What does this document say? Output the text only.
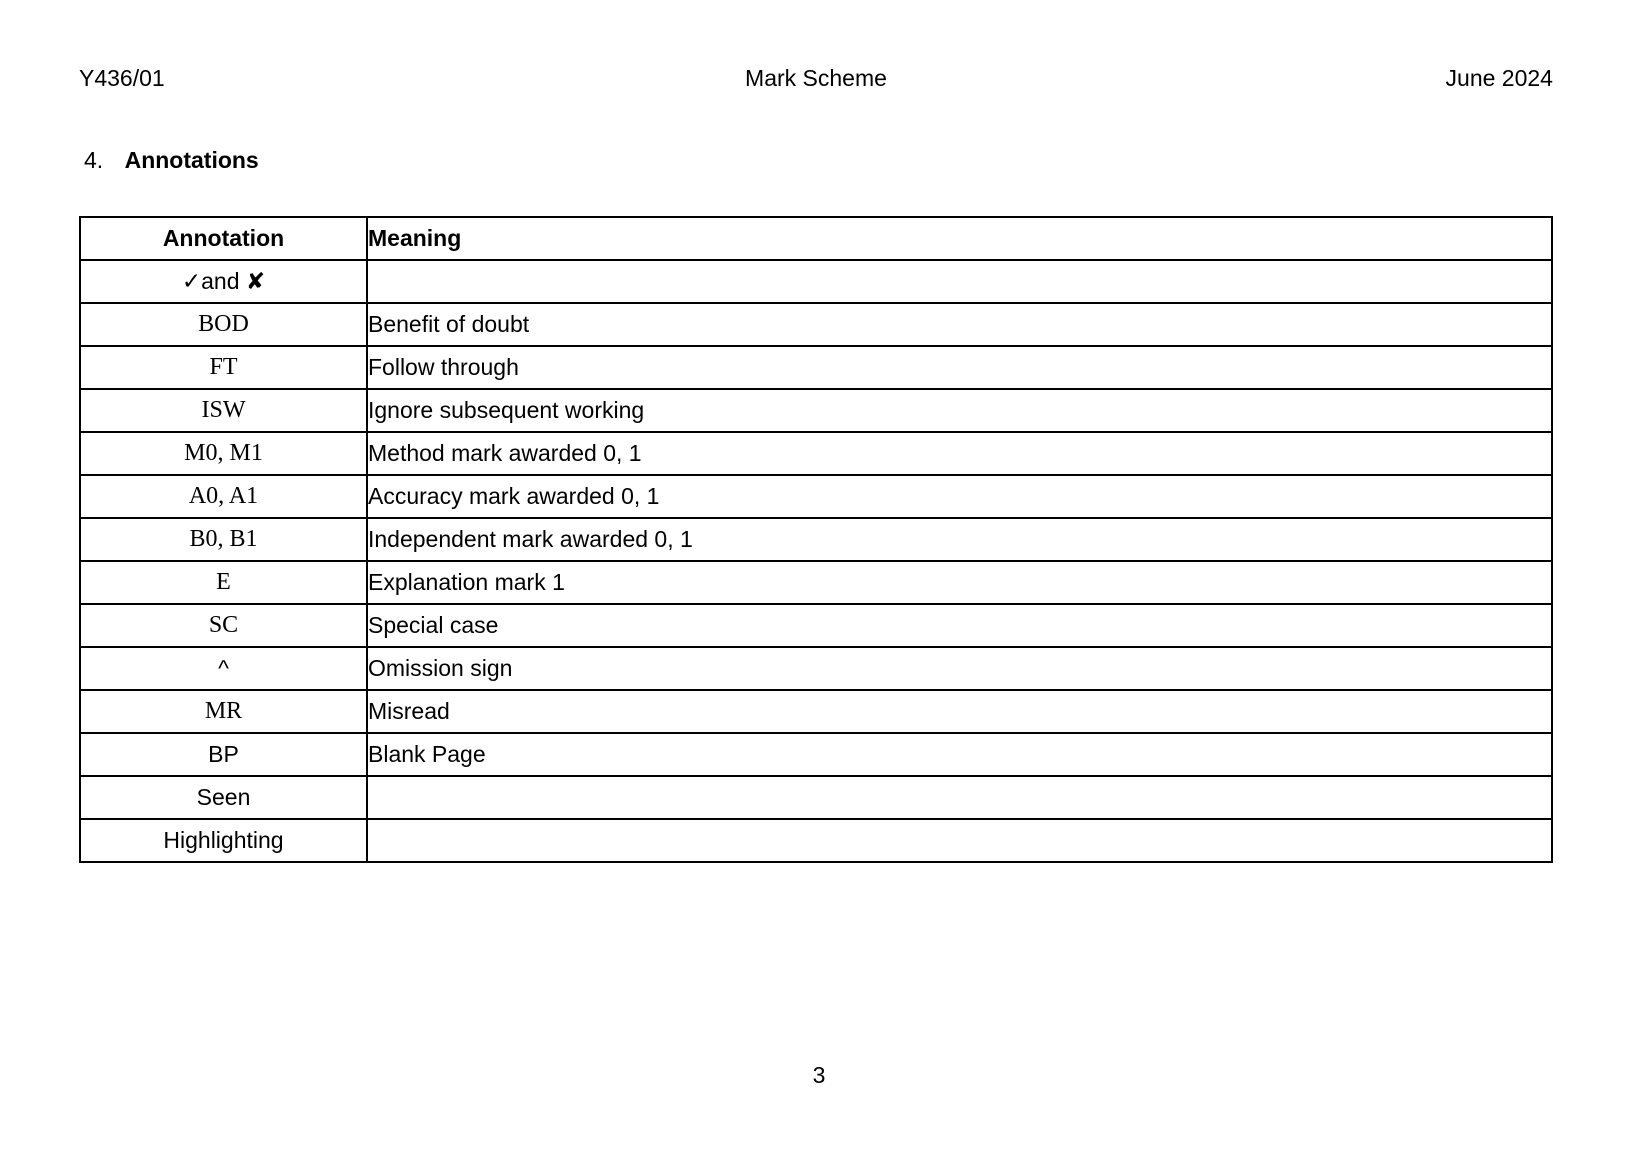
Y436/01	Mark Scheme	June 2024
4. Annotations
Annotation	Meaning
✓and ✘	
BOD	Benefit of doubt
FT	Follow through
ISW	Ignore subsequent working
M0, M1	Method mark awarded 0, 1
A0, A1	Accuracy mark awarded 0, 1
B0, B1	Independent mark awarded 0, 1
E	Explanation mark 1
SC	Special case
^	Omission sign
MR	Misread
BP	Blank Page
Seen	
Highlighting	
3
